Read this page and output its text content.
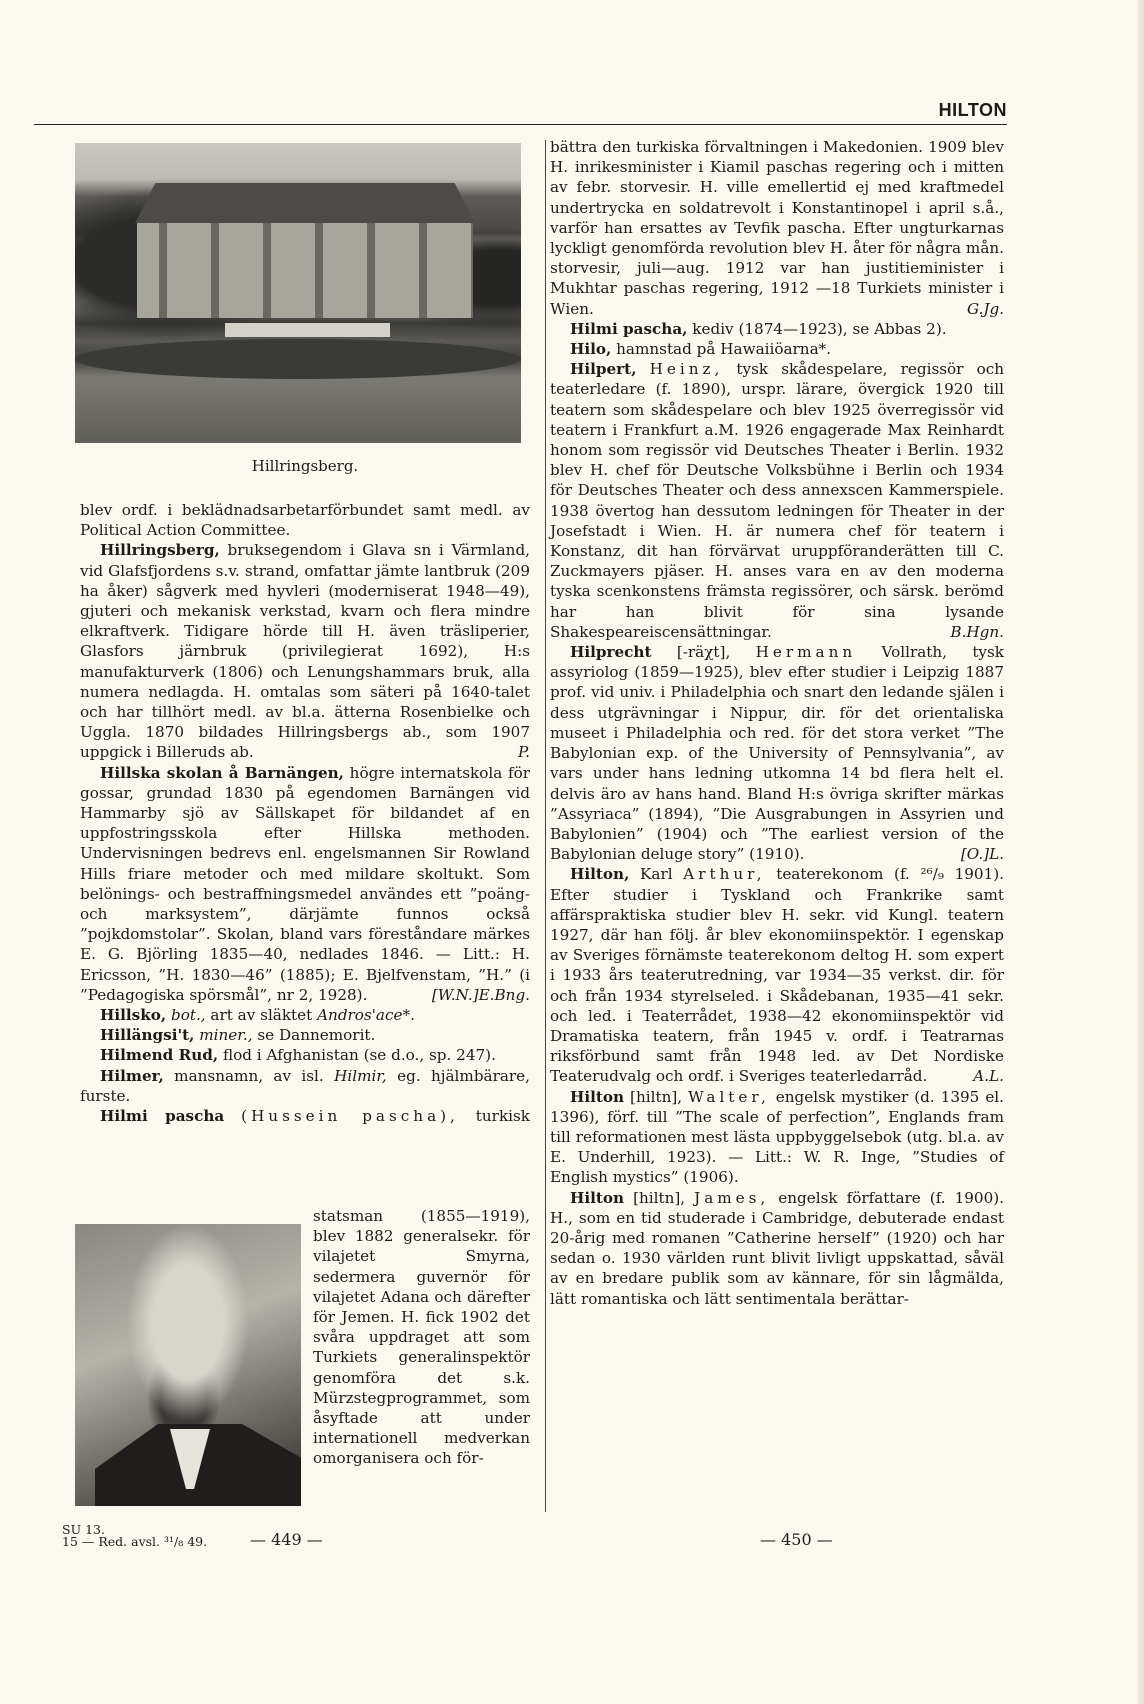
HILTON
Hillringsberg.

blev ordf. i beklädnadsarbetarförbundet samt medl. av Political Action Committee.

Hillringsberg, bruksegendom i Glava sn i Värmland, vid Glafsfjordens s.v. strand, omfattar jämte lantbruk (209 ha åker) sågverk med hyvleri (moderniserat 1948—49), gjuteri och mekanisk verkstad, kvarn och flera mindre elkraftverk. Tidigare hörde till H. även träsliperier, Glasfors järnbruk (privilegierat 1692), H:s manufakturverk (1806) och Lenungshammars bruk, alla numera nedlagda. H. omtalas som säteri på 1640-talet och har tillhört medl. av bl.a. ätterna Rosenbielke och Uggla. 1870 bildades Hillringsbergs ab., som 1907 uppgick i Billeruds ab.	P.

Hillska skolan å Barnängen, högre internatskola för gossar, grundad 1830 på egendomen Barnängen vid Hammarby sjö av Sällskapet för bildandet af en uppfostringsskola efter Hillska methoden. Undervisningen bedrevs enl. engelsmannen Sir Rowland Hills friare metoder och med mildare skoltukt. Som belönings- och bestraffningsmedel användes ett ”poäng- och marksystem”, därjämte funnos också ”pojkdomstolar”. Skolan, bland vars föreståndare märkes E. G. Björling 1835—40, nedlades 1846. — Litt.: H. Ericsson, ”H. 1830—46” (1885); E. Bjelfvenstam, ”H.” (i ”Pedagogiska spörsmål”, nr 2, 1928).	[W.N.]E.Bng.

Hillsko, bot., art av släktet Andros'ace*.

Hillängsi't, miner., se Dannemorit.

Hilmend Rud, flod i Afghanistan (se d.o., sp. 247).

Hilmer, mansnamn, av isl. Hilmir, eg. hjälmbärare, furste.

Hilmi pascha (Hussein pascha), turkisk

statsman (1855—1919), blev 1882 generalsekr. för vilajetet Smyrna, sedermera guvernör för vilajetet Adana och därefter för Jemen. H. fick 1902 det svåra uppdraget att som Turkiets generalinspektör genomföra det s.k. Mürzstegprogrammet, som åsyftade att under internationell medverkan omorganisera och för-

bättra den turkiska förvaltningen i Makedonien. 1909 blev H. inrikesminister i Kiamil paschas regering och i mitten av febr. storvesir. H. ville emellertid ej med kraftmedel undertrycka en soldatrevolt i Konstantinopel i april s.å., varför han ersattes av Tevfik pascha. Efter ungturkarnas lyckligt genomförda revolution blev H. åter för några mån. storvesir, juli—aug. 1912 var han justitieminister i Mukhtar paschas regering, 1912 —18 Turkiets minister i Wien.	G.Jg.

Hilmi pascha, kediv (1874—1923), se Abbas 2).

Hilo, hamnstad på Hawaiiöarna*.

Hilpert, Heinz, tysk skådespelare, regissör och teaterledare (f. 1890), urspr. lärare, övergick 1920 till teatern som skådespelare och blev 1925 överregissör vid teatern i Frankfurt a.M. 1926 engagerade Max Reinhardt honom som regissör vid Deutsches Theater i Berlin. 1932 blev H. chef för Deutsche Volksbühne i Berlin och 1934 för Deutsches Theater och dess annexscen Kammerspiele. 1938 övertog han dessutom ledningen för Theater in der Josefstadt i Wien. H. är numera chef för teatern i Konstanz, dit han förvärvat uruppföranderätten till C. Zuckmayers pjäser. H. anses vara en av den moderna tyska scenkonstens främsta regissörer, och särsk. berömd har han blivit för sina lysande Shakespeareiscensättningar.	B.Hgn.

Hilprecht [-räχt], Hermann Vollrath, tysk assyriolog (1859—1925), blev efter studier i Leipzig 1887 prof. vid univ. i Philadelphia och snart den ledande själen i dess utgrävningar i Nippur, dir. för det orientaliska museet i Philadelphia och red. för det stora verket ”The Babylonian exp. of the University of Pennsylvania”, av vars under hans ledning utkomna 14 bd flera helt el. delvis äro av hans hand. Bland H:s övriga skrifter märkas ”Assyriaca” (1894), ”Die Ausgrabungen in Assyrien und Babylonien” (1904) och ”The earliest version of the Babylonian deluge story” (1910).	[O.]L.

Hilton, Karl Arthur, teaterekonom (f. ²⁶/₉ 1901). Efter studier i Tyskland och Frankrike samt affärspraktiska studier blev H. sekr. vid Kungl. teatern 1927, där han följ. år blev ekonomiinspektör. I egenskap av Sveriges förnämste teaterekonom deltog H. som expert i 1933 års teaterutredning, var 1934—35 verkst. dir. för och från 1934 styrelseled. i Skådebanan, 1935—41 sekr. och led. i Teaterrådet, 1938—42 ekonomiinspektör vid Dramatiska teatern, från 1945 v. ordf. i Teatrarnas riksförbund samt från 1948 led. av Det Nordiske Teaterudvalg och ordf. i Sveriges teaterledarråd.	A.L.

Hilton [hiltn], Walter, engelsk mystiker (d. 1395 el. 1396), förf. till ”The scale of perfection”, Englands fram till reformationen mest lästa uppbyggelsebok (utg. bl.a. av E. Underhill, 1923). — Litt.: W. R. Inge, ”Studies of English mystics” (1906).

Hilton [hiltn], James, engelsk författare (f. 1900). H., som en tid studerade i Cambridge, debuterade endast 20-årig med romanen ”Catherine herself” (1920) och har sedan o. 1930 världen runt blivit livligt uppskattad, såväl av en bredare publik som av kännare, för sin lågmälda, lätt romantiska och lätt sentimentala berättar-

SU 13.
15 — Red. avsl. ³¹/₈ 49.	— 449 —	— 450 —
